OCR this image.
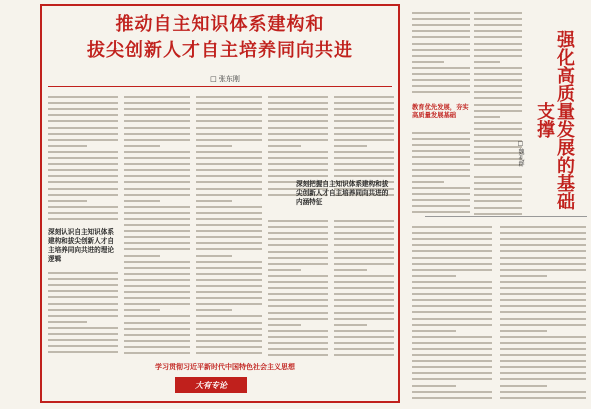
推动自主知识体系建构和
拔尖创新人才自主培养同向共进
□ 张东刚
深刻认识自主知识体系建构和拔尖创新人才自主培养同向共进的理论逻辑
深刻把握自主知识体系建构和拔尖创新人才自主培养同向共进的内涵特征
学习贯彻习近平新时代中国特色社会主义思想
大有专论
教育优先发展，夯实高质量发展基础	强化高质量发展的基础支撑
□ 魏礼群
